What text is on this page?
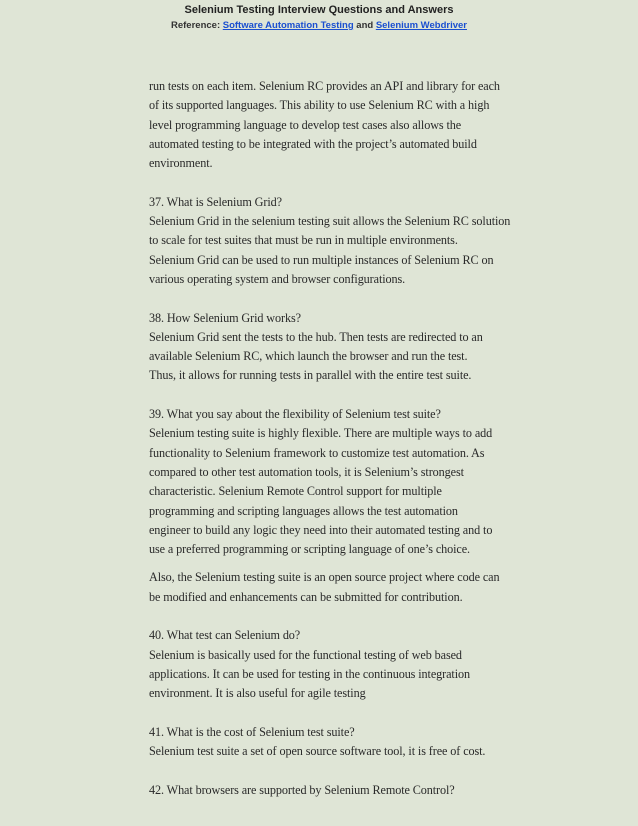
Selenium Testing Interview Questions and Answers
Reference: Software Automation Testing and Selenium Webdriver
run tests on each item. Selenium RC provides an API and library for each
of its supported languages. This ability to use Selenium RC with a high
level programming language to develop test cases also allows the
automated testing to be integrated with the project’s automated build
environment.
37. What is Selenium Grid?
Selenium Grid in the selenium testing suit allows the Selenium RC solution
to scale for test suites that must be run in multiple environments.
Selenium Grid can be used to run multiple instances of Selenium RC on
various operating system and browser configurations.
38. How Selenium Grid works?
Selenium Grid sent the tests to the hub. Then tests are redirected to an
available Selenium RC, which launch the browser and run the test.
Thus, it allows for running tests in parallel with the entire test suite.
39. What you say about the flexibility of Selenium test suite?
Selenium testing suite is highly flexible. There are multiple ways to add
functionality to Selenium framework to customize test automation. As
compared to other test automation tools, it is Selenium’s strongest
characteristic. Selenium Remote Control support for multiple
programming and scripting languages allows the test automation
engineer to build any logic they need into their automated testing and to
use a preferred programming or scripting language of one’s choice.
Also, the Selenium testing suite is an open source project where code can
be modified and enhancements can be submitted for contribution.
40. What test can Selenium do?
Selenium is basically used for the functional testing of web based
applications. It can be used for testing in the continuous integration
environment. It is also useful for agile testing
41. What is the cost of Selenium test suite?
Selenium test suite a set of open source software tool, it is free of cost.
42. What browsers are supported by Selenium Remote Control?
